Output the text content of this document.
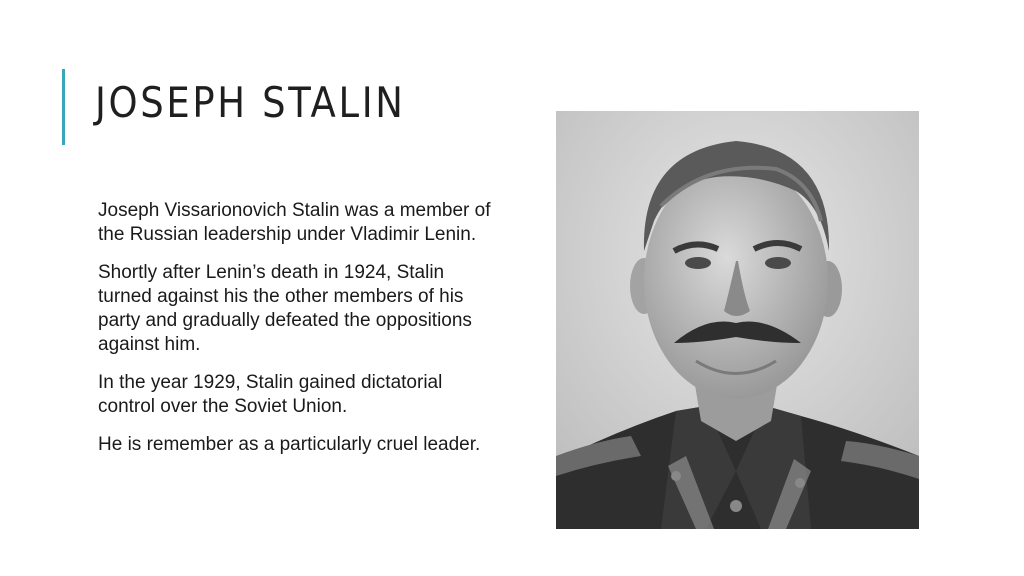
JOSEPH STALIN

Joseph Vissarionovich Stalin was a member of the Russian leadership under Vladimir Lenin.

Shortly after Lenin’s death in 1924, Stalin turned against his the other members of his party and gradually defeated the oppositions against him.

In the year 1929, Stalin gained dictatorial control over the Soviet Union.

He is remember as a particularly cruel leader.
